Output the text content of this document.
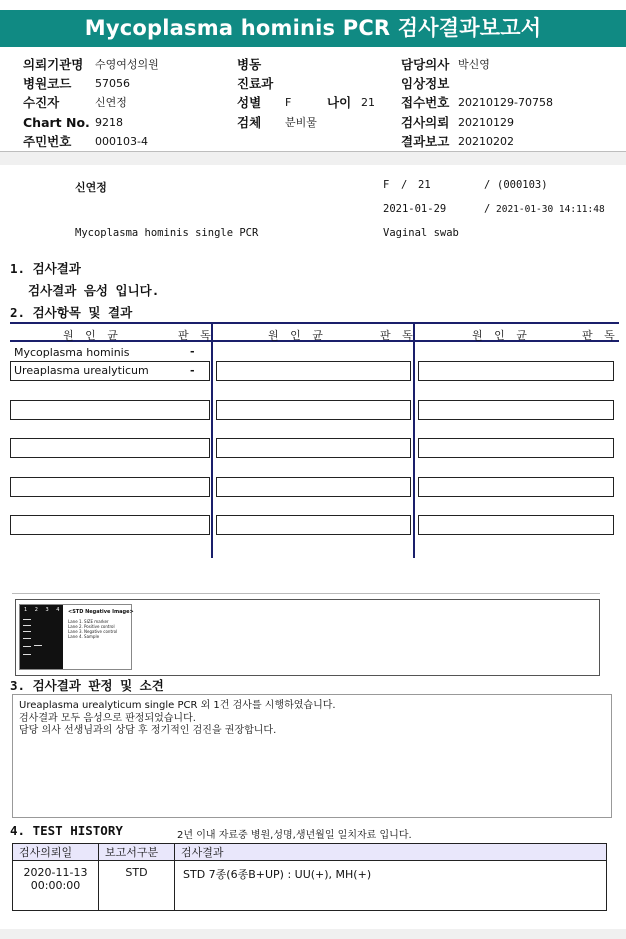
Mycoplasma hominis PCR 검사결과보고서
의뢰기관명 수영여성의원
병원코드 57056
수진자	신연정
Chart No. 9218
주민번호 000103-4
병동
진료과
성별 F	나이 21
검체 분비물
담당의사 박신영
임상정보
접수번호 20210129-70758
검사의뢰 20210129
결과보고 20210202
신연정	F / 21	/ (000103)
2021-01-29	/ 2021-01-30 14:11:48
Mycoplasma hominis single PCR	Vaginal swab
1. 검사결과
검사결과 음성 입니다.
2. 검사항목 및 결과
원 인 균	판 독	원 인 균	판 독	원 인 균	판 독
Mycoplasma hominis	-
Ureaplasma urealyticum	-
1 2 3 4 <STD Negative Image>
Lane 1. SIZE marker
Lane 2. Positive control
Lane 3. Negative control
Lane 4. Sample
3. 검사결과 판정 및 소견
Ureaplasma urealyticum single PCR 외 1건 검사를 시행하였습니다.
검사결과 모두 음성으로 판정되었습니다.
담당 의사 선생님과의 상담 후 정기적인 검진을 권장합니다.
4. TEST HISTORY	2년 이내 자료중 병원,성명,생년월일 일치자료 입니다.
검사의뢰일	보고서구분	검사결과

2020-11-13
00:00:00	STD	STD 7종(6종B+UP) : UU(+), MH(+)
